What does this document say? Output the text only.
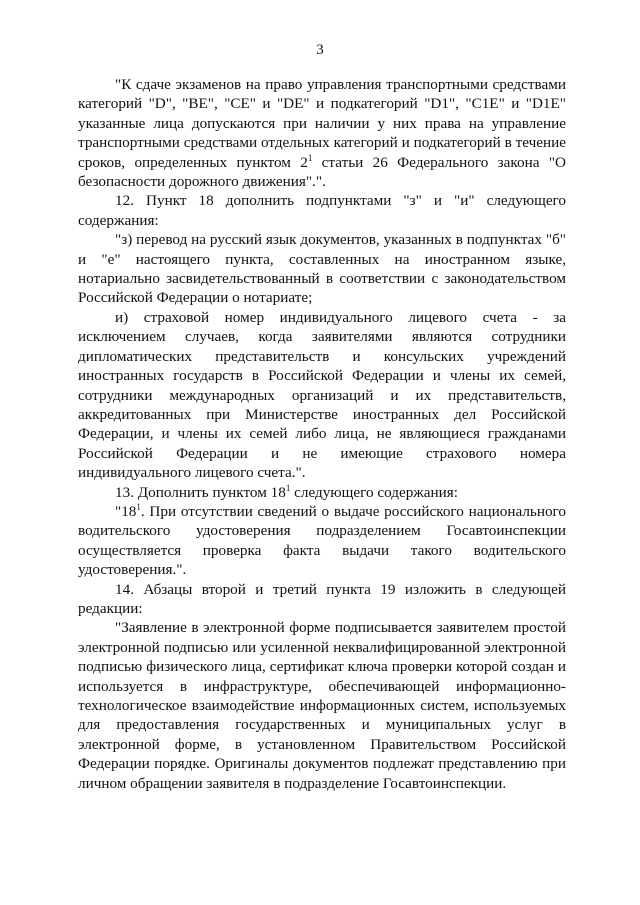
3

"К сдаче экзаменов на право управления транспортными средствами категорий "D", "BE", "CE" и "DE" и подкатегорий "D1", "C1E" и "D1E" указанные лица допускаются при наличии у них права на управление транспортными средствами отдельных категорий и подкатегорий в течение сроков, определенных пунктом $2^1$ статьи 26 Федерального закона "О безопасности дорожного движения".".

12. Пункт 18 дополнить подпунктами "з" и "и" следующего содержания:

"з) перевод на русский язык документов, указанных в подпунктах "б" и "е" настоящего пункта, составленных на иностранном языке, нотариально засвидетельствованный в соответствии с законодательством Российской Федерации о нотариате;

и) страховой номер индивидуального лицевого счета - за исключением случаев, когда заявителями являются сотрудники дипломатических представительств и консульских учреждений иностранных государств в Российской Федерации и члены их семей, сотрудники международных организаций и их представительств, аккредитованных при Министерстве иностранных дел Российской Федерации, и члены их семей либо лица, не являющиеся гражданами Российской Федерации и не имеющие страхового номера индивидуального лицевого счета.".

13. Дополнить пунктом $18^1$ следующего содержания:

"$18^1$. При отсутствии сведений о выдаче российского национального водительского удостоверения подразделением Госавтоинспекции осуществляется проверка факта выдачи такого водительского удостоверения.".

14. Абзацы второй и третий пункта 19 изложить в следующей редакции:

"Заявление в электронной форме подписывается заявителем простой электронной подписью или усиленной неквалифицированной электронной подписью физического лица, сертификат ключа проверки которой создан и используется в инфраструктуре, обеспечивающей информационно-технологическое взаимодействие информационных систем, используемых для предоставления государственных и муниципальных услуг в электронной форме, в установленном Правительством Российской Федерации порядке. Оригиналы документов подлежат представлению при личном обращении заявителя в подразделение Госавтоинспекции.
